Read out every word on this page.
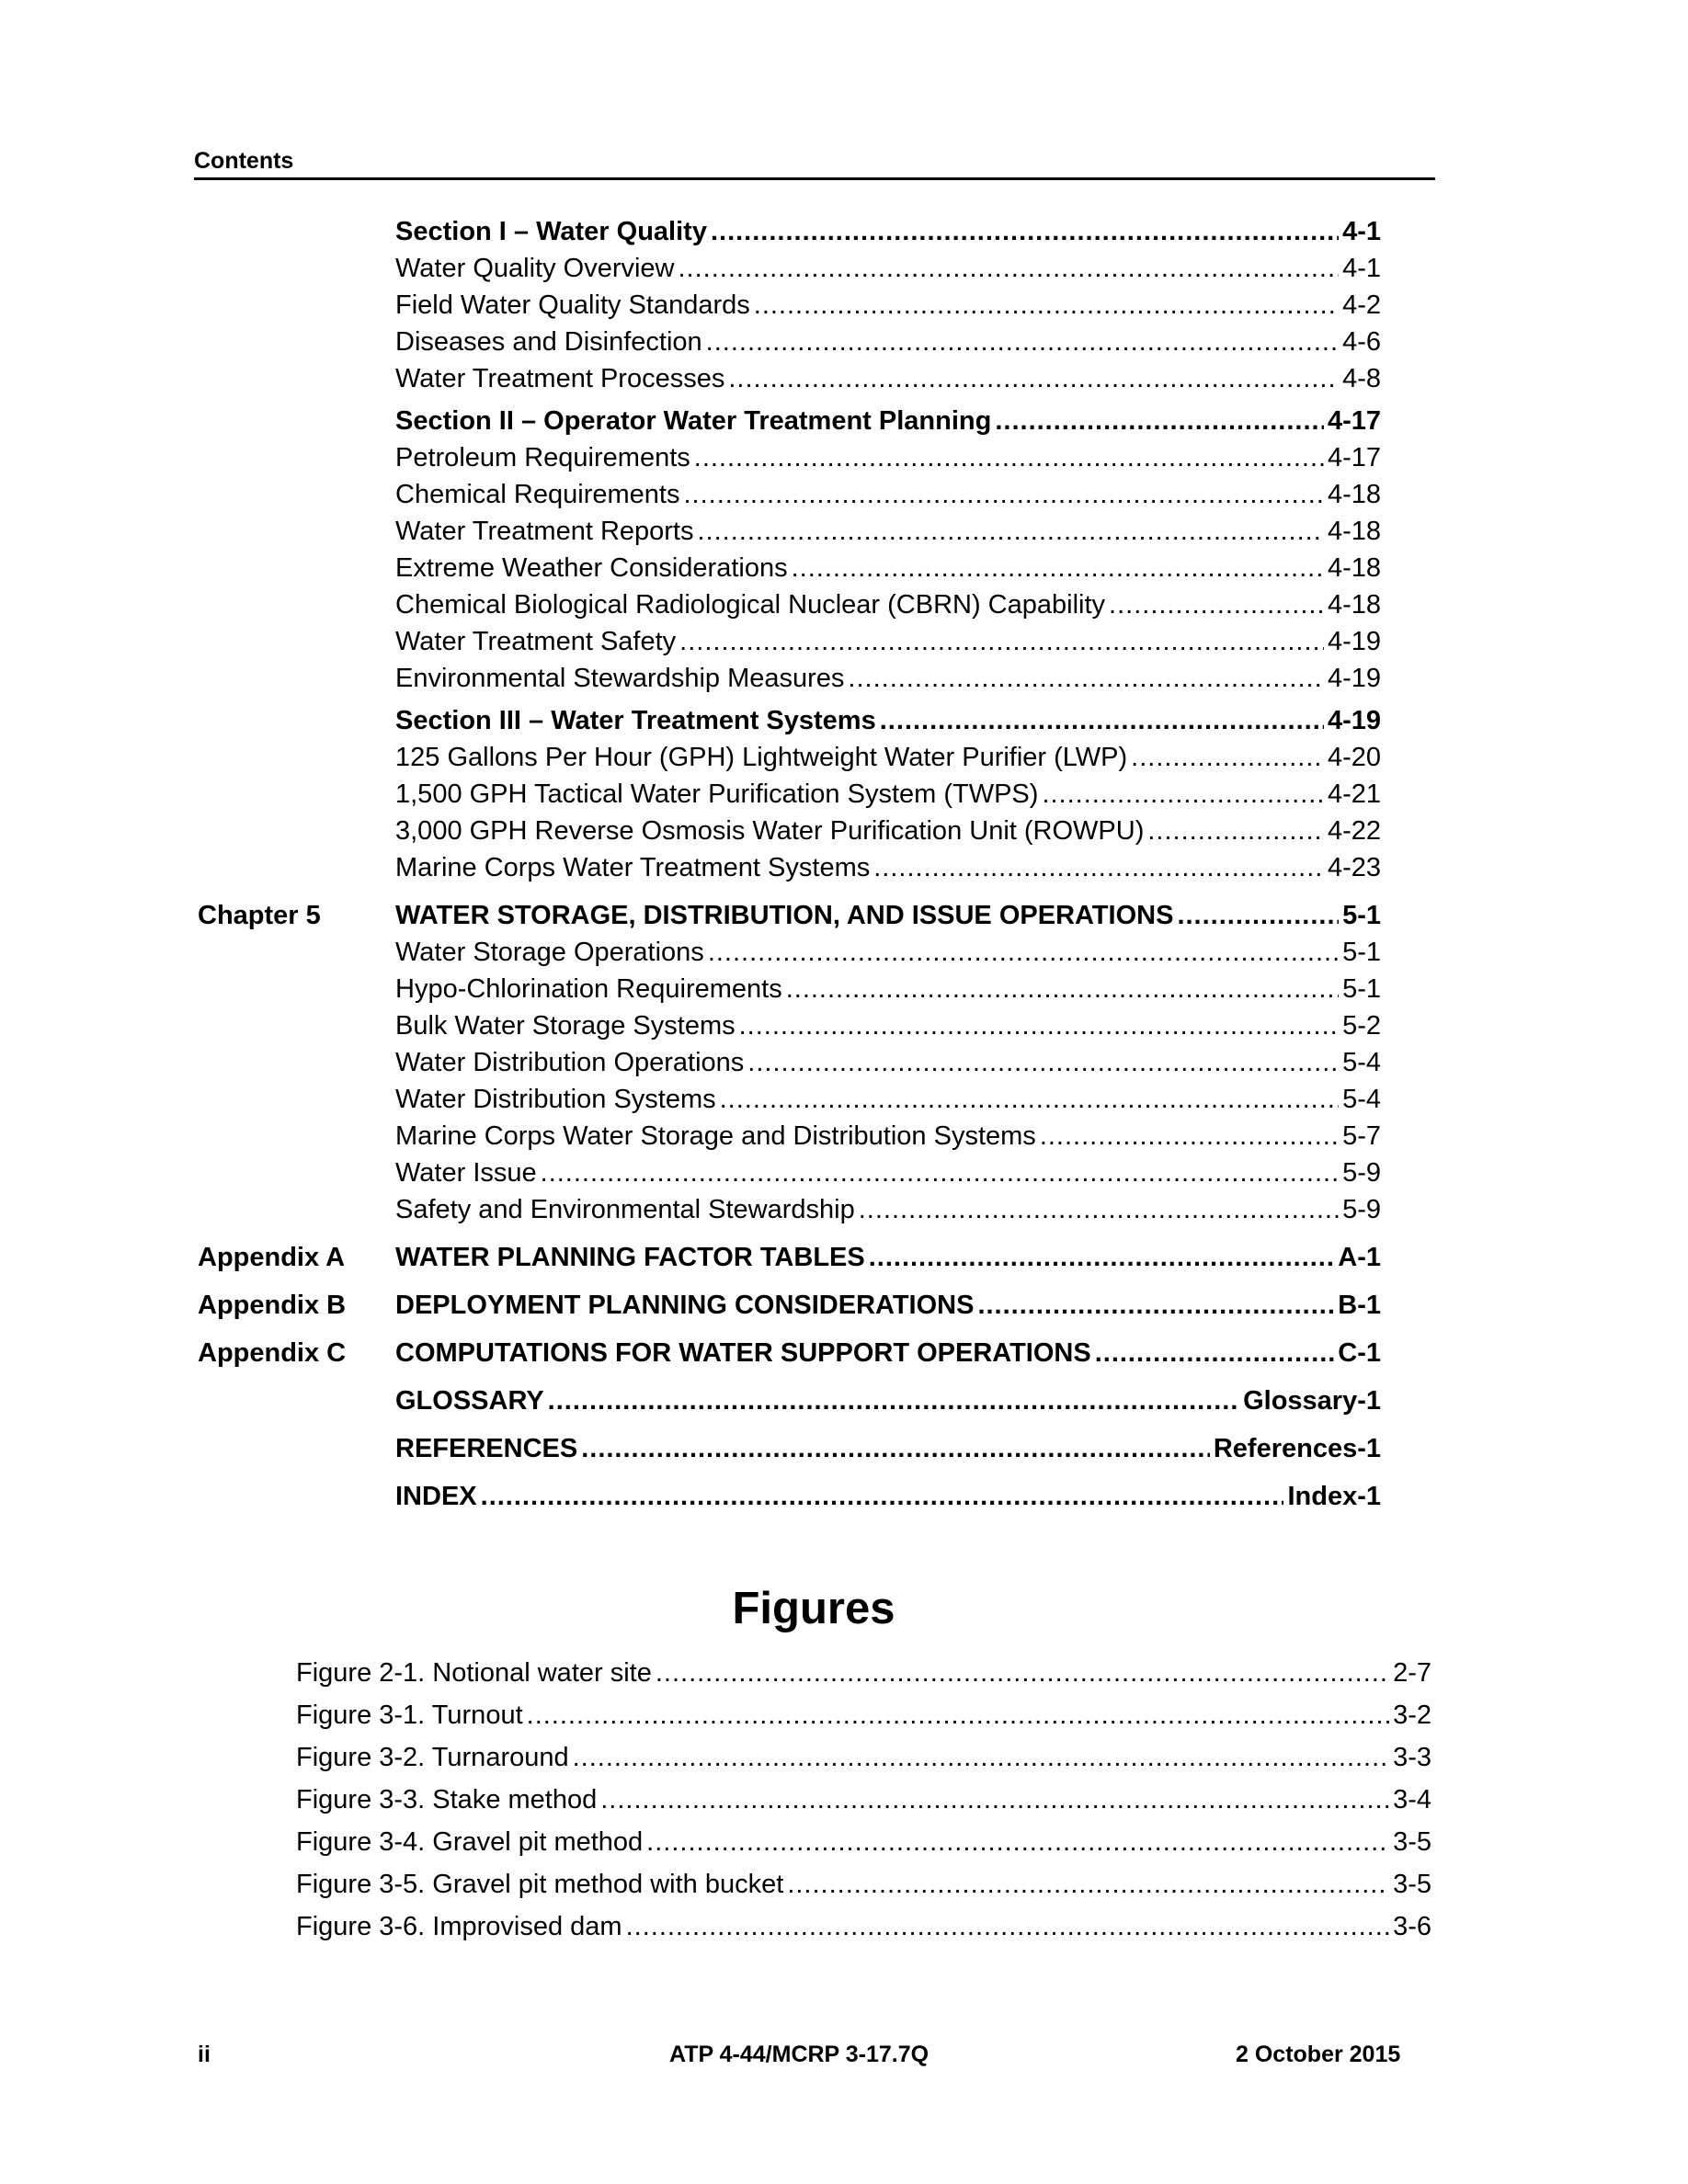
Contents
Section I – Water Quality .....	4-1
Water Quality Overview .....	4-1
Field Water Quality Standards .....	4-2
Diseases and Disinfection .....	4-6
Water Treatment Processes .....	4-8
Section II – Operator Water Treatment Planning .....	4-17
Petroleum Requirements .....	4-17
Chemical Requirements .....	4-18
Water Treatment Reports .....	4-18
Extreme Weather Considerations .....	4-18
Chemical Biological Radiological Nuclear (CBRN) Capability .....	4-18
Water Treatment Safety .....	4-19
Environmental Stewardship Measures .....	4-19
Section III – Water Treatment Systems .....	4-19
125 Gallons Per Hour (GPH) Lightweight Water Purifier (LWP) .....	4-20
1,500 GPH Tactical Water Purification System (TWPS) .....	4-21
3,000 GPH Reverse Osmosis Water Purification Unit (ROWPU) .....	4-22
Marine Corps Water Treatment Systems .....	4-23
Chapter 5	WATER STORAGE, DISTRIBUTION, AND ISSUE OPERATIONS .....	5-1
Water Storage Operations .....	5-1
Hypo-Chlorination Requirements .....	5-1
Bulk Water Storage Systems .....	5-2
Water Distribution Operations .....	5-4
Water Distribution Systems .....	5-4
Marine Corps Water Storage and Distribution Systems .....	5-7
Water Issue .....	5-9
Safety and Environmental Stewardship .....	5-9
Appendix A WATER PLANNING FACTOR TABLES .....	A-1
Appendix B DEPLOYMENT PLANNING CONSIDERATIONS .....	B-1
Appendix C COMPUTATIONS FOR WATER SUPPORT OPERATIONS .....	C-1
GLOSSARY .....	Glossary-1
REFERENCES .....	References-1
INDEX .....	Index-1
Figures
Figure 2-1. Notional water site .....	2-7
Figure 3-1. Turnout .....	3-2
Figure 3-2. Turnaround .....	3-3
Figure 3-3. Stake method .....	3-4
Figure 3-4. Gravel pit method .....	3-5
Figure 3-5. Gravel pit method with bucket .....	3-5
Figure 3-6. Improvised dam .....	3-6
ii	ATP 4-44/MCRP 3-17.7Q	2 October 2015
